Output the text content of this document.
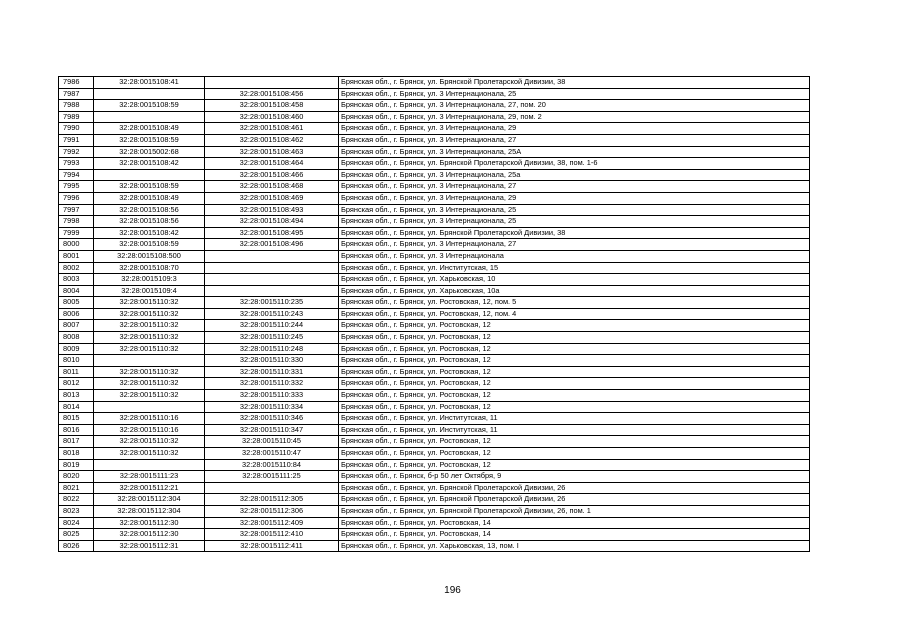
7986	32:28:0015108:41		Брянская обл., г. Брянск, ул. Брянской Пролетарской Дивизии, 38
7987		32:28:0015108:456	Брянская обл., г. Брянск, ул. 3 Интернационала, 25
7988	32:28:0015108:59	32:28:0015108:458	Брянская обл., г. Брянск, ул. 3 Интернационала, 27, пом. 20
7989		32:28:0015108:460	Брянская обл., г. Брянск, ул. 3 Интернационала, 29, пом. 2
7990	32:28:0015108:49	32:28:0015108:461	Брянская обл., г. Брянск, ул. 3 Интернационала, 29
7991	32:28:0015108:59	32:28:0015108:462	Брянская обл., г. Брянск, ул. 3 Интернационала, 27
7992	32:28:0015002:68	32:28:0015108:463	Брянская обл., г. Брянск, ул. 3 Интернационала, 25А
7993	32:28:0015108:42	32:28:0015108:464	Брянская обл., г. Брянск, ул. Брянской Пролетарской Дивизии, 38, пом. 1-6
7994		32:28:0015108:466	Брянская обл., г. Брянск, ул. 3 Интернационала, 25а
7995	32:28:0015108:59	32:28:0015108:468	Брянская обл., г. Брянск, ул. 3 Интернационала, 27
7996	32:28:0015108:49	32:28:0015108:469	Брянская обл., г. Брянск, ул. 3 Интернационала, 29
7997	32:28:0015108:56	32:28:0015108:493	Брянская обл., г. Брянск, ул. 3 Интернационала, 25
7998	32:28:0015108:56	32:28:0015108:494	Брянская обл., г. Брянск, ул. 3 Интернационала, 25
7999	32:28:0015108:42	32:28:0015108:495	Брянская обл., г. Брянск, ул. Брянской Пролетарской Дивизии, 38
8000	32:28:0015108:59	32:28:0015108:496	Брянская обл., г. Брянск, ул. 3 Интернационала, 27
8001	32:28:0015108:500		Брянская обл., г. Брянск, ул. 3 Интернационала
8002	32:28:0015108:70		Брянская обл., г. Брянск, ул. Институтская, 15
8003	32:28:0015109:3		Брянская обл., г. Брянск, ул. Харьковская, 10
8004	32:28:0015109:4		Брянская обл., г. Брянск, ул. Харьковская, 10а
8005	32:28:0015110:32	32:28:0015110:235	Брянская обл., г. Брянск, ул. Ростовская, 12, пом. 5
8006	32:28:0015110:32	32:28:0015110:243	Брянская обл., г. Брянск, ул. Ростовская, 12, пом. 4
8007	32:28:0015110:32	32:28:0015110:244	Брянская обл., г. Брянск, ул. Ростовская, 12
8008	32:28:0015110:32	32:28:0015110:245	Брянская обл., г. Брянск, ул. Ростовская, 12
8009	32:28:0015110:32	32:28:0015110:248	Брянская обл., г. Брянск, ул. Ростовская, 12
8010		32:28:0015110:330	Брянская обл., г. Брянск, ул. Ростовская, 12
8011	32:28:0015110:32	32:28:0015110:331	Брянская обл., г. Брянск, ул. Ростовская, 12
8012	32:28:0015110:32	32:28:0015110:332	Брянская обл., г. Брянск, ул. Ростовская, 12
8013	32:28:0015110:32	32:28:0015110:333	Брянская обл., г. Брянск, ул. Ростовская, 12
8014		32:28:0015110:334	Брянская обл., г. Брянск, ул. Ростовская, 12
8015	32:28:0015110:16	32:28:0015110:346	Брянская обл., г. Брянск, ул. Институтская, 11
8016	32:28:0015110:16	32:28:0015110:347	Брянская обл., г. Брянск, ул. Институтская, 11
8017	32:28:0015110:32	32:28:0015110:45	Брянская обл., г. Брянск, ул. Ростовская, 12
8018	32:28:0015110:32	32:28:0015110:47	Брянская обл., г. Брянск, ул. Ростовская, 12
8019		32:28:0015110:84	Брянская обл., г. Брянск, ул. Ростовская, 12
8020	32:28:0015111:23	32:28:0015111:25	Брянская обл., г. Брянск, б-р 50 лет Октября, 9
8021	32:28:0015112:21		Брянская обл., г. Брянск, ул. Брянской Пролетарской Дивизии, 26
8022	32:28:0015112:304	32:28:0015112:305	Брянская обл., г. Брянск, ул. Брянской Пролетарской Дивизии, 26
8023	32:28:0015112:304	32:28:0015112:306	Брянская обл., г. Брянск, ул. Брянской Пролетарской Дивизии, 26, пом. 1
8024	32:28:0015112:30	32:28:0015112:409	Брянская обл., г. Брянск, ул. Ростовская, 14
8025	32:28:0015112:30	32:28:0015112:410	Брянская обл., г. Брянск, ул. Ростовская, 14
8026	32:28:0015112:31	32:28:0015112:411	Брянская обл., г. Брянск, ул. Харьковская, 13, пом. I
196
